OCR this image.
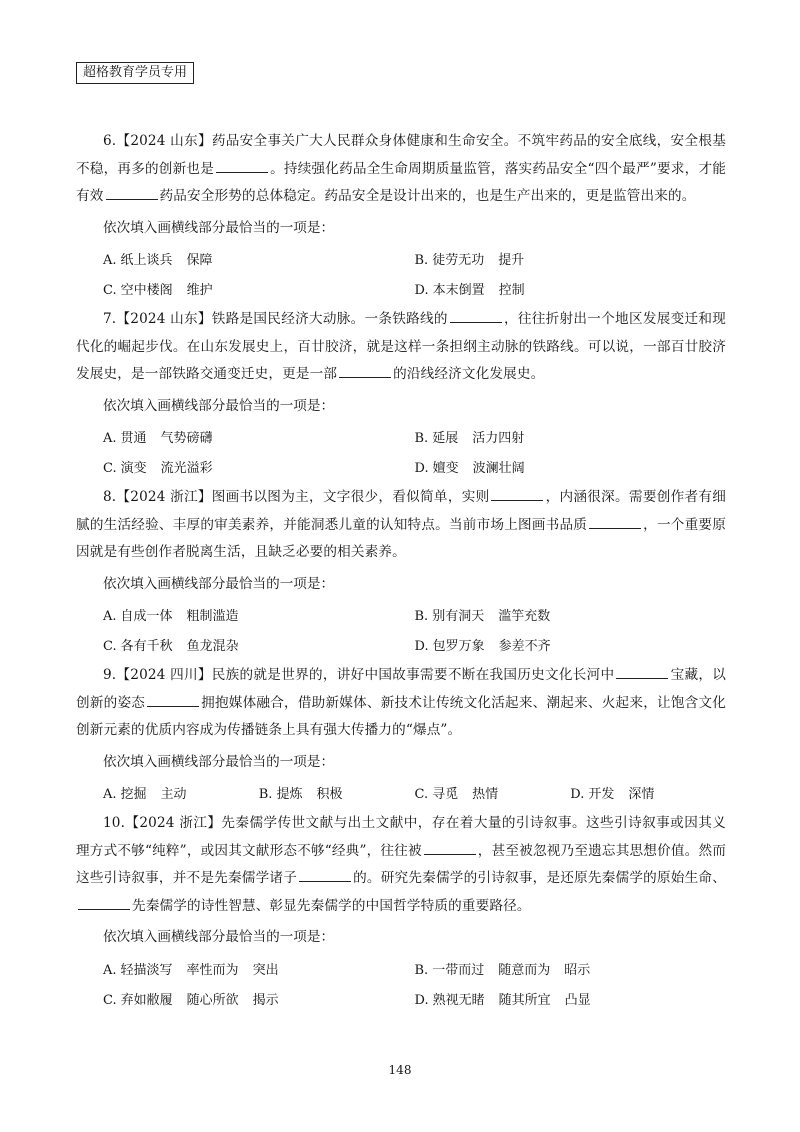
超格教育学员专用

6.【2024 山东】药品安全事关广大人民群众身体健康和生命安全。不筑牢药品的安全底线，安全根基不稳，再多的创新也是	。持续强化药品全生命周期质量监管，落实药品安全“四个最严”要求，才能有效	药品安全形势的总体稳定。药品安全是设计出来的，也是生产出来的，更是监管出来的。

依次填入画横线部分最恰当的一项是：
A. 纸上谈兵 保障	B. 徒劳无功 提升
C. 空中楼阁 维护	D. 本末倒置 控制

7.【2024 山东】铁路是国民经济大动脉。一条铁路线的	，往往折射出一个地区发展变迁和现代化的崛起步伐。在山东发展史上，百廿胶济，就是这样一条担纲主动脉的铁路线。可以说，一部百廿胶济发展史，是一部铁路交通变迁史，更是一部	的沿线经济文化发展史。

依次填入画横线部分最恰当的一项是：
A. 贯通 气势磅礴	B. 延展 活力四射
C. 演变 流光溢彩	D. 嬗变 波澜壮阔

8.【2024 浙江】图画书以图为主，文字很少，看似简单，实则	，内涵很深。需要创作者有细腻的生活经验、丰厚的审美素养，并能洞悉儿童的认知特点。当前市场上图画书品质	，一个重要原因就是有些创作者脱离生活，且缺乏必要的相关素养。

依次填入画横线部分最恰当的一项是：
A. 自成一体 粗制滥造	B. 别有洞天 滥竽充数
C. 各有千秋 鱼龙混杂	D. 包罗万象 参差不齐

9.【2024 四川】民族的就是世界的，讲好中国故事需要不断在我国历史文化长河中	宝藏，以创新的姿态	拥抱媒体融合，借助新媒体、新技术让传统文化活起来、潮起来、火起来，让饱含文化创新元素的优质内容成为传播链条上具有强大传播力的“爆点”。

依次填入画横线部分最恰当的一项是：
A. 挖掘 主动	B. 提炼 积极	C. 寻觅 热情	D. 开发 深情

10.【2024 浙江】先秦儒学传世文献与出土文献中，存在着大量的引诗叙事。这些引诗叙事或因其义理方式不够“纯粹”，或因其文献形态不够“经典”，往往被	，甚至被忽视乃至遗忘其思想价值。然而这些引诗叙事，并不是先秦儒学诸子	的。研究先秦儒学的引诗叙事，是还原先秦儒学的原始生命、先秦儒学的诗性智慧、彰显先秦儒学的中国哲学特质的重要路径。

依次填入画横线部分最恰当的一项是：
A. 轻描淡写 率性而为 突出	B. 一带而过 随意而为 昭示
C. 弃如敝履 随心所欲 揭示	D. 熟视无睹 随其所宜 凸显
148
